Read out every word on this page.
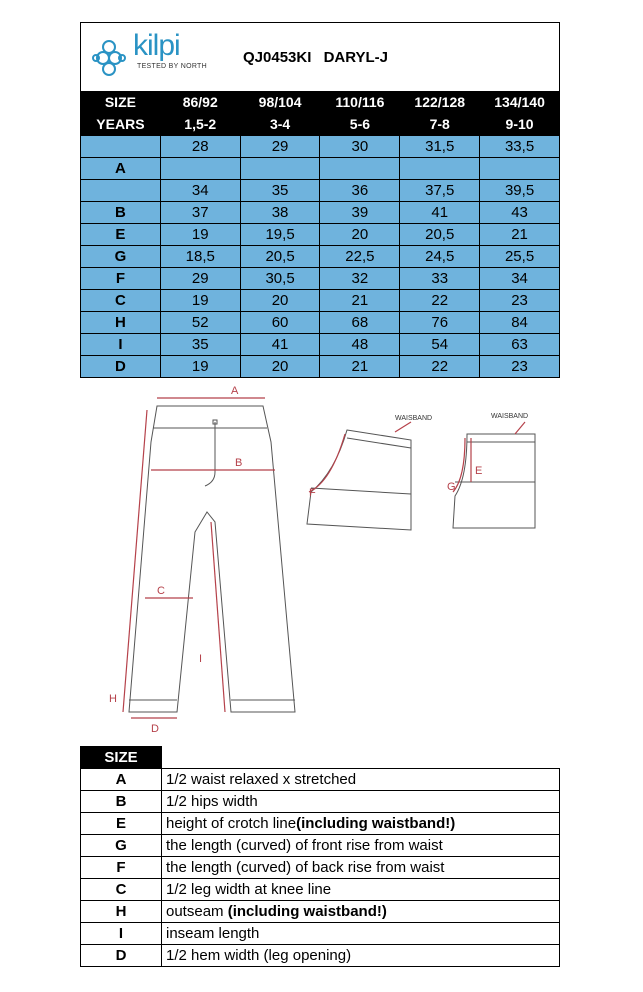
kilpi
TESTED BY NORTH
QJ0453KI DARYL-J
SIZE	86/92	98/104	110/116	122/128	134/140
YEARS	1,5-2	3-4	5-6	7-8	9-10
	28	29	30	31,5	33,5
A					
	34	35	36	37,5	39,5
B	37	38	39	41	43
E	19	19,5	20	20,5	21
G	18,5	20,5	22,5	24,5	25,5
F	29	30,5	32	33	34
C	19	20	21	22	23
H	52	60	68	76	84
I	35	41	48	54	63
D	19	20	21	22	23
A
B
C
D
H
I
F
E
G
WAISBAND	WAISBAND
SIZE	
A	1/2 waist relaxed x stretched
B	1/2 hips width
E	height of crotch line(including waistband!)
G	the length (curved) of front rise from waist
F	the length (curved) of back rise from waist
C	1/2 leg width at knee line
H	outseam (including waistband!)
I	inseam length
D	1/2 hem width (leg opening)
